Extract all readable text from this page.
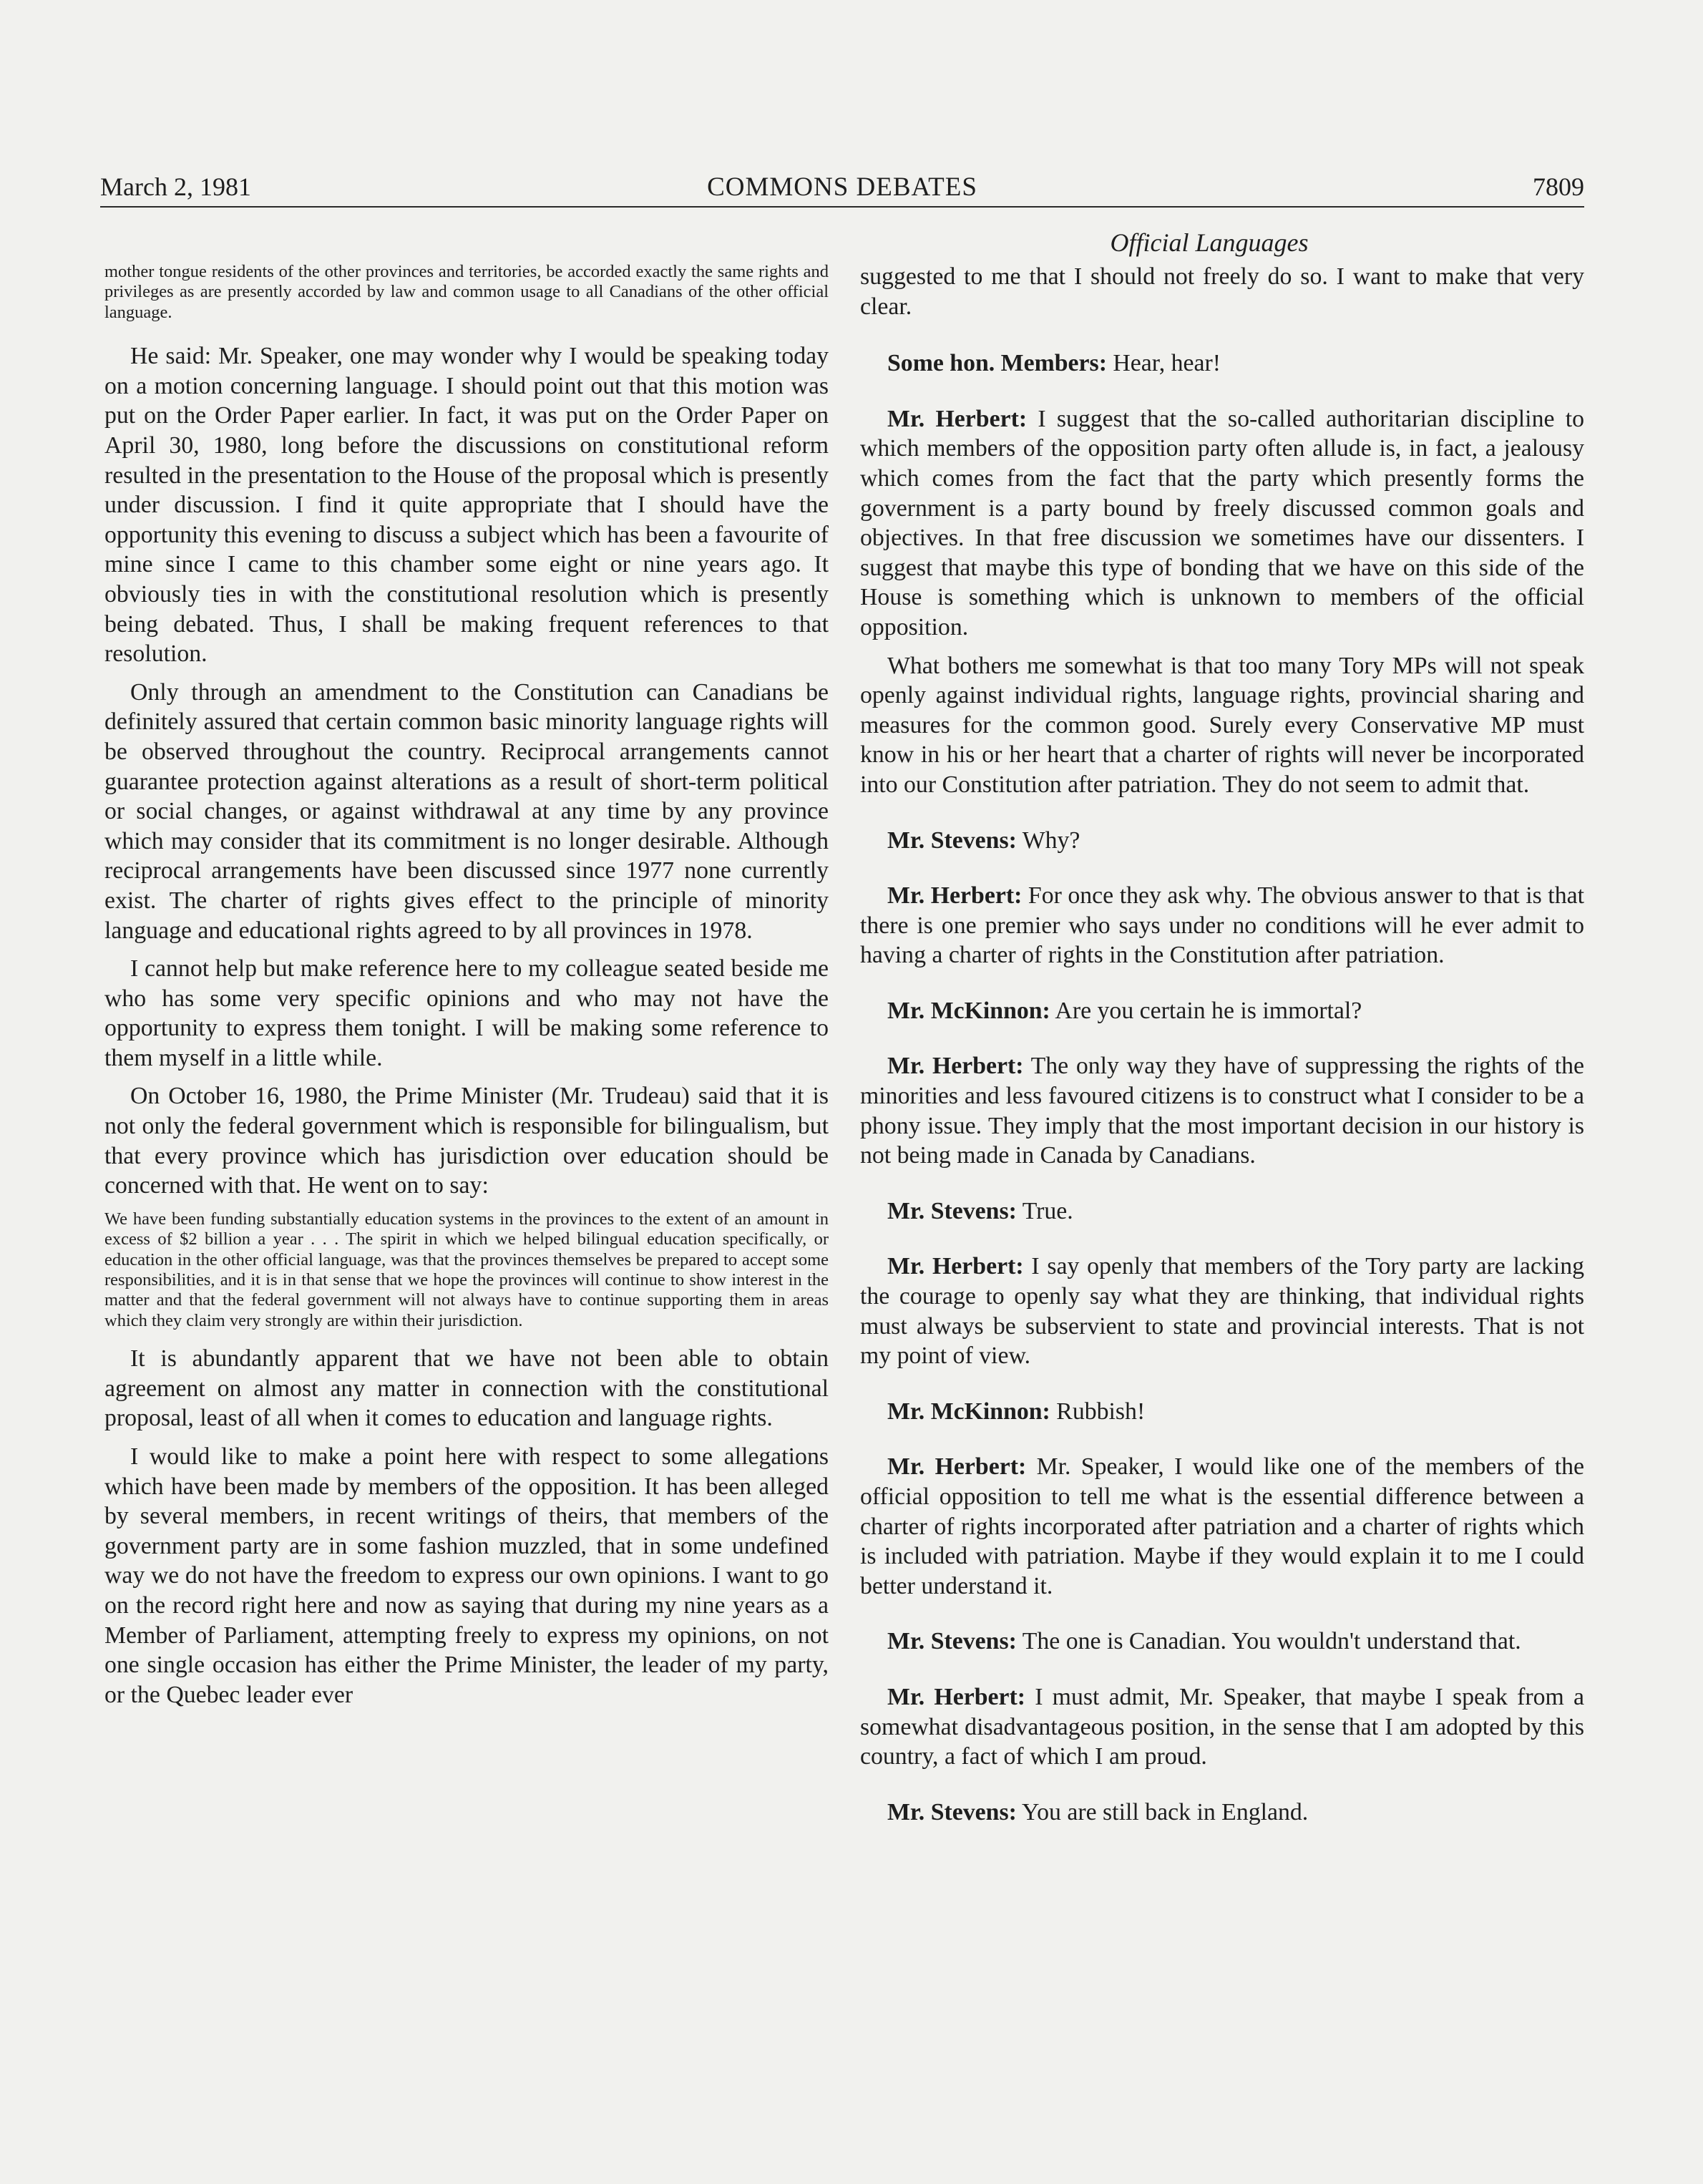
March 2, 1981	COMMONS DEBATES	7809
Official Languages

mother tongue residents of the other provinces and territories, be accorded exactly the same rights and privileges as are presently accorded by law and common usage to all Canadians of the other official language.

He said: Mr. Speaker, one may wonder why I would be speaking today on a motion concerning language. I should point out that this motion was put on the Order Paper earlier. In fact, it was put on the Order Paper on April 30, 1980, long before the discussions on constitutional reform resulted in the presentation to the House of the proposal which is presently under discussion. I find it quite appropriate that I should have the opportunity this evening to discuss a subject which has been a favourite of mine since I came to this chamber some eight or nine years ago. It obviously ties in with the constitutional resolution which is presently being debated. Thus, I shall be making frequent references to that resolution.

Only through an amendment to the Constitution can Canadians be definitely assured that certain common basic minority language rights will be observed throughout the country. Reciprocal arrangements cannot guarantee protection against alterations as a result of short-term political or social changes, or against withdrawal at any time by any province which may consider that its commitment is no longer desirable. Although reciprocal arrangements have been discussed since 1977 none currently exist. The charter of rights gives effect to the principle of minority language and educational rights agreed to by all provinces in 1978.

I cannot help but make reference here to my colleague seated beside me who has some very specific opinions and who may not have the opportunity to express them tonight. I will be making some reference to them myself in a little while.

On October 16, 1980, the Prime Minister (Mr. Trudeau) said that it is not only the federal government which is responsible for bilingualism, but that every province which has jurisdiction over education should be concerned with that. He went on to say:

We have been funding substantially education systems in the provinces to the extent of an amount in excess of $2 billion a year . . . The spirit in which we helped bilingual education specifically, or education in the other official language, was that the provinces themselves be prepared to accept some responsibilities, and it is in that sense that we hope the provinces will continue to show interest in the matter and that the federal government will not always have to continue supporting them in areas which they claim very strongly are within their jurisdiction.

It is abundantly apparent that we have not been able to obtain agreement on almost any matter in connection with the constitutional proposal, least of all when it comes to education and language rights.

I would like to make a point here with respect to some allegations which have been made by members of the opposition. It has been alleged by several members, in recent writings of theirs, that members of the government party are in some fashion muzzled, that in some undefined way we do not have the freedom to express our own opinions. I want to go on the record right here and now as saying that during my nine years as a Member of Parliament, attempting freely to express my opinions, on not one single occasion has either the Prime Minister, the leader of my party, or the Quebec leader ever

suggested to me that I should not freely do so. I want to make that very clear.

Some hon. Members: Hear, hear!

Mr. Herbert: I suggest that the so-called authoritarian discipline to which members of the opposition party often allude is, in fact, a jealousy which comes from the fact that the party which presently forms the government is a party bound by freely discussed common goals and objectives. In that free discussion we sometimes have our dissenters. I suggest that maybe this type of bonding that we have on this side of the House is something which is unknown to members of the official opposition.

What bothers me somewhat is that too many Tory MPs will not speak openly against individual rights, language rights, provincial sharing and measures for the common good. Surely every Conservative MP must know in his or her heart that a charter of rights will never be incorporated into our Constitution after patriation. They do not seem to admit that.

Mr. Stevens: Why?

Mr. Herbert: For once they ask why. The obvious answer to that is that there is one premier who says under no conditions will he ever admit to having a charter of rights in the Constitution after patriation.

Mr. McKinnon: Are you certain he is immortal?

Mr. Herbert: The only way they have of suppressing the rights of the minorities and less favoured citizens is to construct what I consider to be a phony issue. They imply that the most important decision in our history is not being made in Canada by Canadians.

Mr. Stevens: True.

Mr. Herbert: I say openly that members of the Tory party are lacking the courage to openly say what they are thinking, that individual rights must always be subservient to state and provincial interests. That is not my point of view.

Mr. McKinnon: Rubbish!

Mr. Herbert: Mr. Speaker, I would like one of the members of the official opposition to tell me what is the essential difference between a charter of rights incorporated after patriation and a charter of rights which is included with patriation. Maybe if they would explain it to me I could better understand it.

Mr. Stevens: The one is Canadian. You wouldn't understand that.

Mr. Herbert: I must admit, Mr. Speaker, that maybe I speak from a somewhat disadvantageous position, in the sense that I am adopted by this country, a fact of which I am proud.

Mr. Stevens: You are still back in England.
